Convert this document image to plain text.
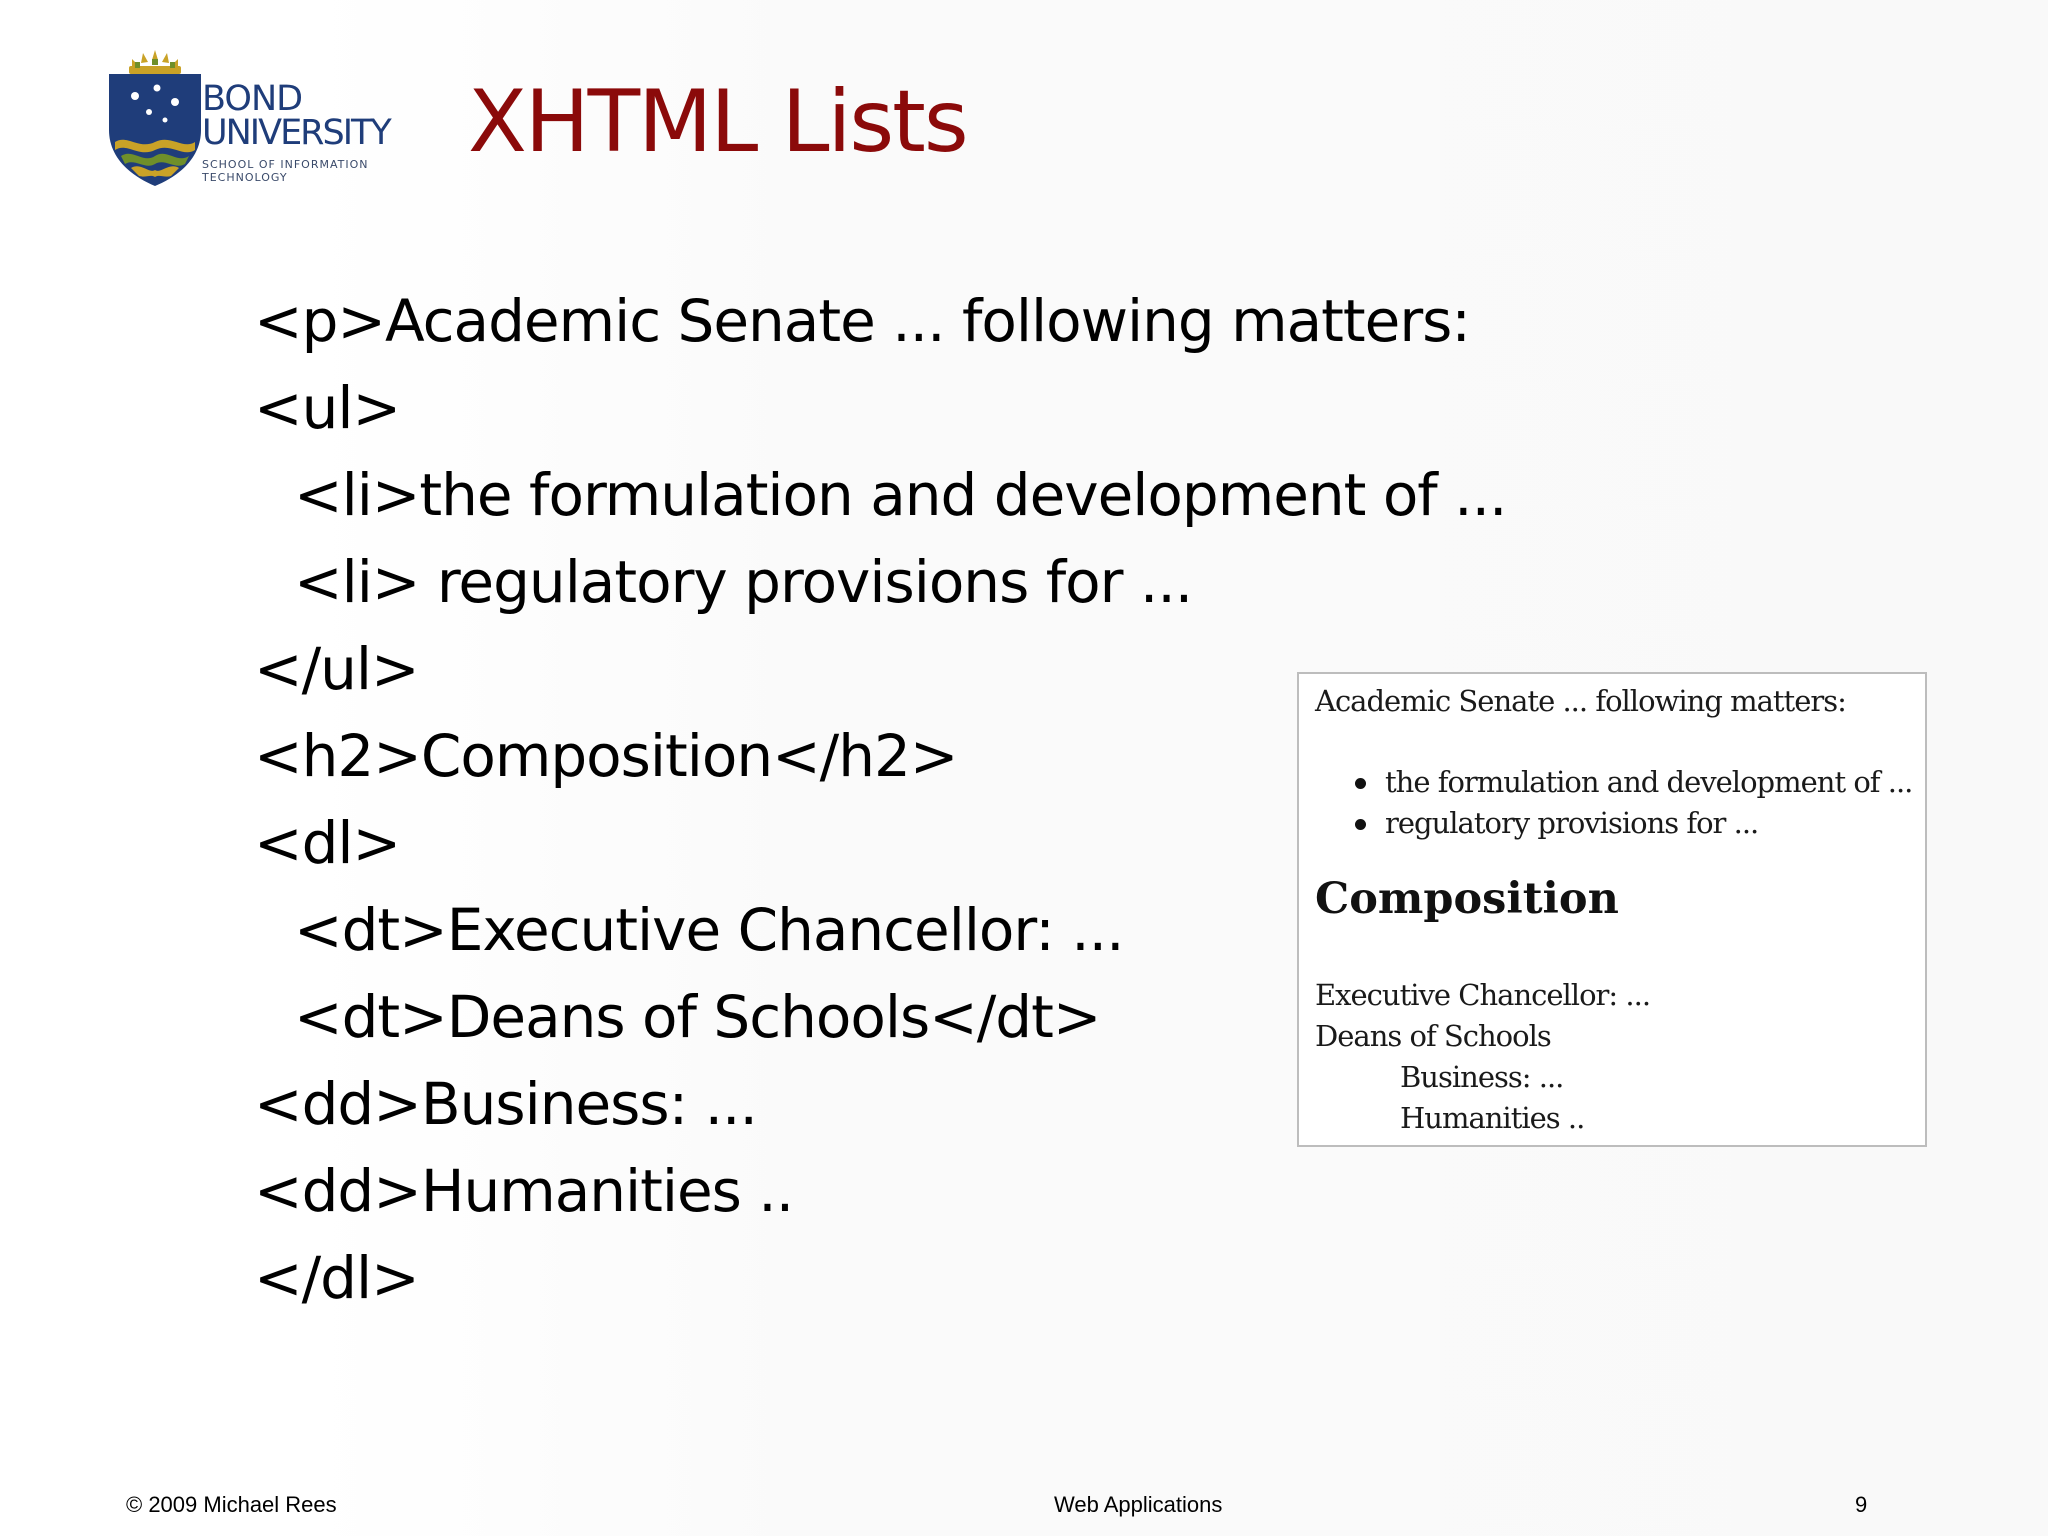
BOND
UNIVERSITY
SCHOOL OF INFORMATION TECHNOLOGY
XHTML Lists
<p>Academic Senate ... following matters:
<ul>
<li>the formulation and development of ...
<li> regulatory provisions for ...
</ul>
<h2>Composition</h2>
<dl>
<dt>Executive Chancellor: ...
<dt>Deans of Schools</dt>
<dd>Business: ...
<dd>Humanities ..
</dl>
Academic Senate ... following matters:
the formulation and development of ...
regulatory provisions for ...
Composition
Executive Chancellor: ...
Deans of Schools
Business: ...
Humanities ..
© 2009 Michael Rees	Web Applications	9
